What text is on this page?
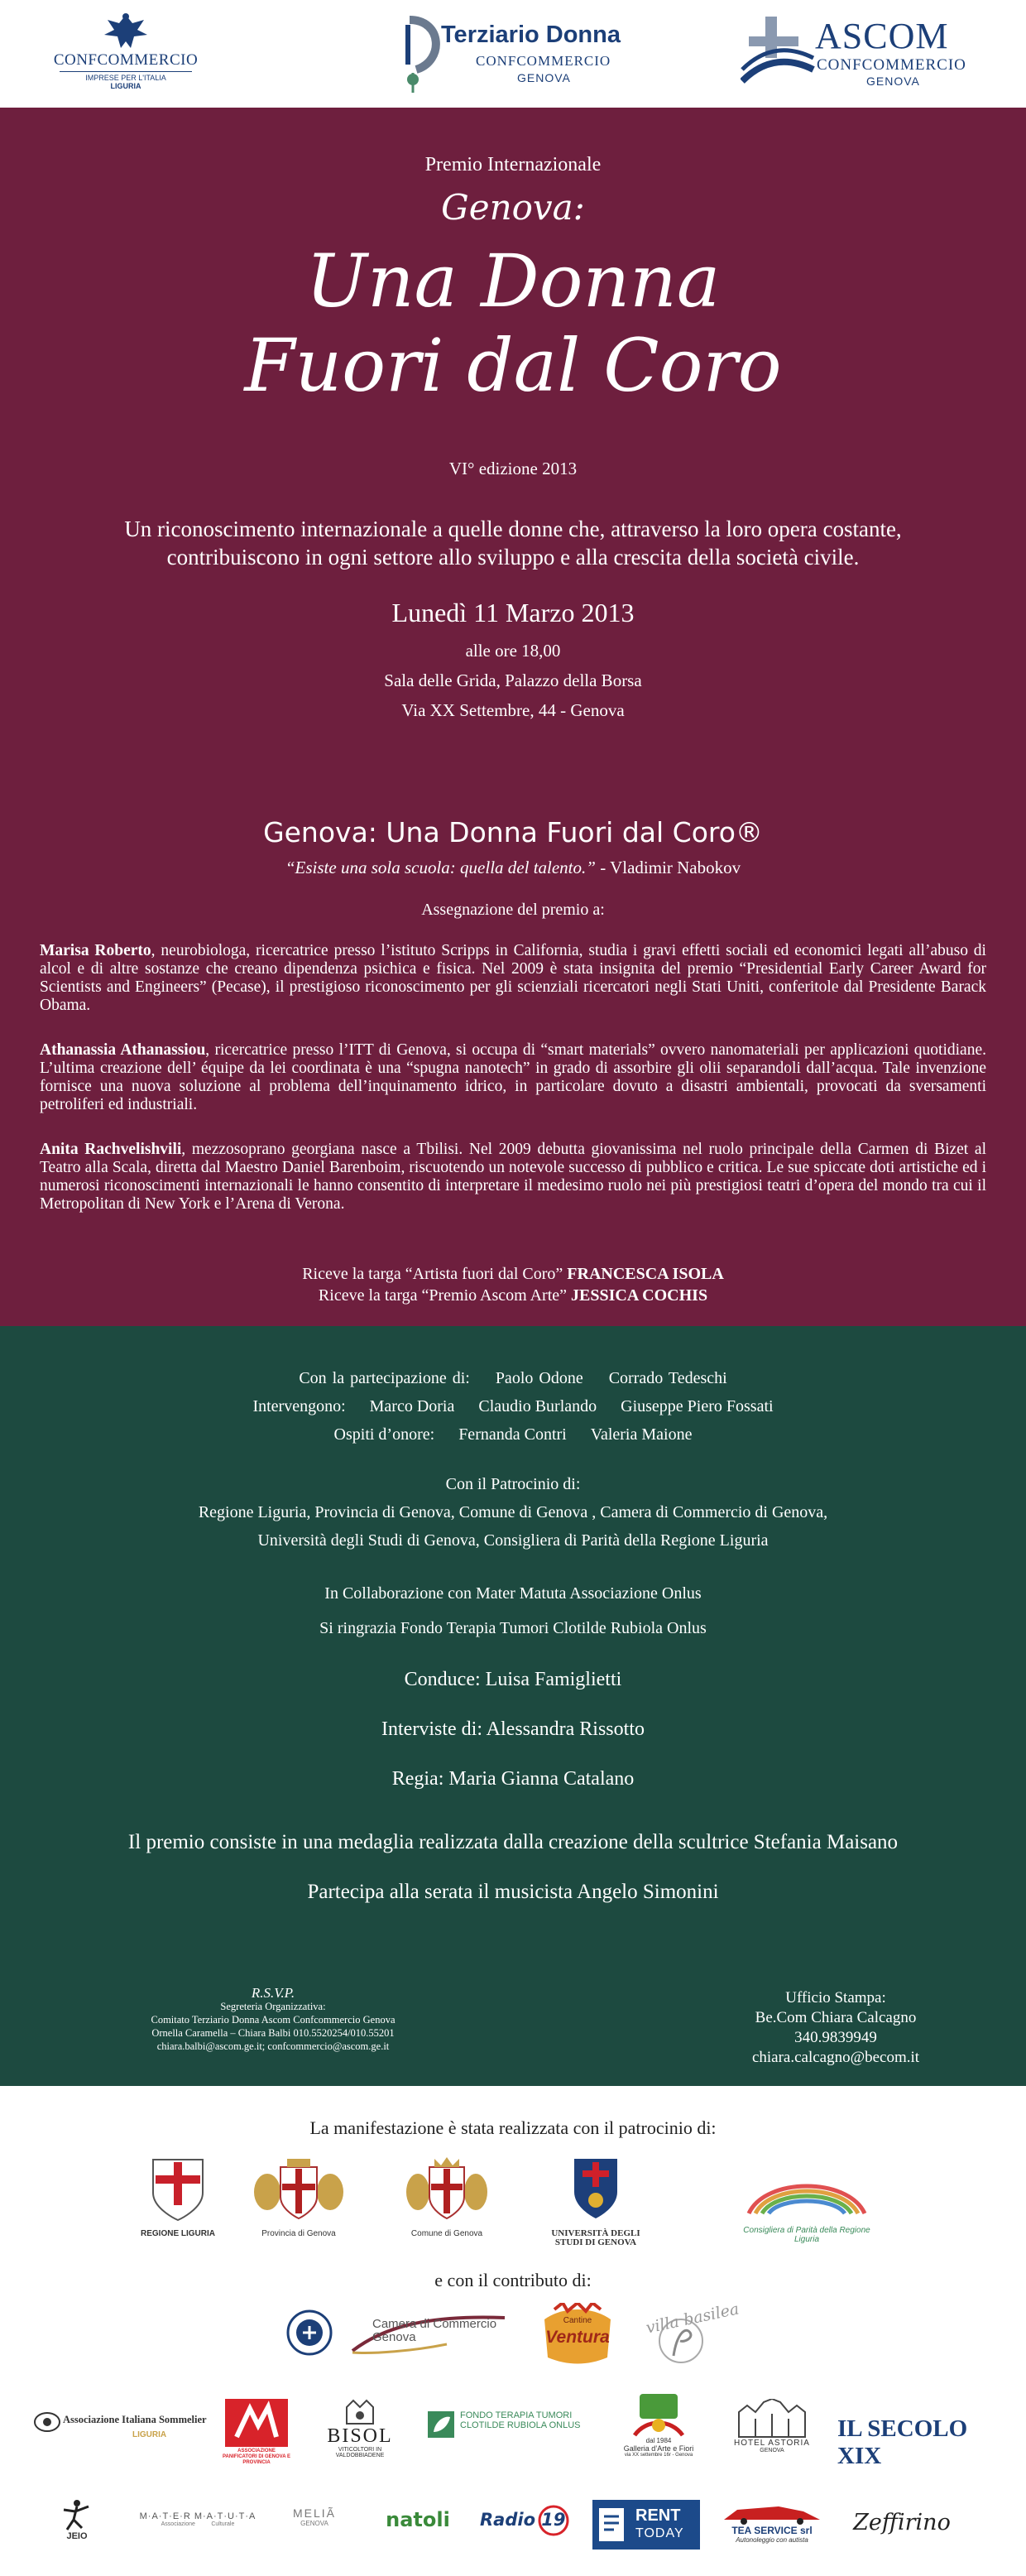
CONFCOMMERCIO
IMPRESE PER L'ITALIA
LIGURIA
Terziario Donna
CONFCOMMERCIO
GENOVA
ASCOM
CONFCOMMERCIO
GENOVA
Premio Internazionale
Genova:
Una Donna
Fuori dal Coro
VI° edizione 2013
Un riconoscimento internazionale a quelle donne che, attraverso la loro opera costante,
contribuiscono in ogni settore allo sviluppo e alla crescita della società civile.
Lunedì 11 Marzo 2013
alle ore 18,00
Sala delle Grida, Palazzo della Borsa
Via XX Settembre, 44 - Genova
Genova: Una Donna Fuori dal Coro®
“Esiste una sola scuola: quella del talento.” - Vladimir Nabokov
Assegnazione del premio a:
Marisa Roberto, neurobiologa, ricercatrice presso l’istituto Scripps in California, studia i gravi effetti sociali ed economici legati all’abuso di alcol e di altre sostanze che creano dipendenza psichica e fisica. Nel 2009 è stata insignita del premio “Presidential Early Career Award for Scientists and Engineers” (Pecase), il prestigioso riconoscimento per gli scienziali ricercatori negli Stati Uniti, conferitole dal Presidente Barack Obama.
Athanassia Athanassiou, ricercatrice presso l’ITT di Genova, si occupa di “smart materials” ovvero nanomateriali per applicazioni quotidiane. L’ultima creazione dell’ équipe da lei coordinata è una “spugna nanotech” in grado di assorbire gli olii separandoli dall’acqua. Tale invenzione fornisce una nuova soluzione al problema dell’inquinamento idrico, in particolare dovuto a disastri ambientali, provocati da sversamenti petroliferi ed industriali.
Anita Rachvelishvili, mezzosoprano georgiana nasce a Tbilisi. Nel 2009 debutta giovanissima nel ruolo principale della Carmen di Bizet al Teatro alla Scala, diretta dal Maestro Daniel Barenboim, riscuotendo un notevole successo di pubblico e critica. Le sue spiccate doti artistiche ed i numerosi riconoscimenti internazionali le hanno consentito di interpretare il medesimo ruolo nei più prestigiosi teatri d’opera del mondo tra cui il Metropolitan di New York e l’Arena di Verona.
Riceve la targa “Artista fuori dal Coro” FRANCESCA ISOLA
Riceve la targa “Premio Ascom Arte” JESSICA COCHIS
Con la partecipazione di: Paolo Odone Corrado Tedeschi
Intervengono: Marco Doria Claudio Burlando Giuseppe Piero Fossati
Ospiti d’onore: Fernanda Contri Valeria Maione
Con il Patrocinio di:
Regione Liguria, Provincia di Genova, Comune di Genova , Camera di Commercio di Genova,
Università degli Studi di Genova, Consigliera di Parità della Regione Liguria
In Collaborazione con Mater Matuta Associazione Onlus
Si ringrazia Fondo Terapia Tumori Clotilde Rubiola Onlus
Conduce: Luisa Famiglietti
Interviste di: Alessandra Rissotto
Regia: Maria Gianna Catalano
Il premio consiste in una medaglia realizzata dalla creazione della scultrice Stefania Maisano
Partecipa alla serata il musicista Angelo Simonini
R.S.V.P.
Segreteria Organizzativa:
Comitato Terziario Donna Ascom Confcommercio Genova
Ornella Caramella – Chiara Balbi 010.5520254/010.55201
chiara.balbi@ascom.ge.it; confcommercio@ascom.ge.it
Ufficio Stampa:
Be.Com Chiara Calcagno
340.9839949
chiara.calcagno@becom.it
La manifestazione è stata realizzata con il patrocinio di:
REGIONE LIGURIA	Provincia di Genova	Comune di Genova	UNIVERSITÀ DEGLI STUDI DI GENOVA
Consigliera di Parità della Regione Liguria
e con il contributo di:
Camera di Commercio
Genova
Cantine
Ventura	villa basilea
Associazione Italiana Sommelier
LIGURIA
ASSOCIAZIONE PANIFICATORI DI GENOVA E PROVINCIA
BISOL
VITICOLTORI IN VALDOBBIADENE
FONDO TERAPIA TUMORI CLOTILDE RUBIOLA ONLUS
dal 1984
Galleria d’Arte e Fiori
via XX settembre 16r - Genova
HOTEL ASTORIA
GENOVA
IL SECOLO XIX
JEIO
M·A·T·E·R M·A·T·U·T·A
Associazione          Culturale
MELIÃ
GENOVA	natoli	Radio 19	RENT
TODAY	TEA SERVICE srl
Autonoleggio con autista
Zeffirino
